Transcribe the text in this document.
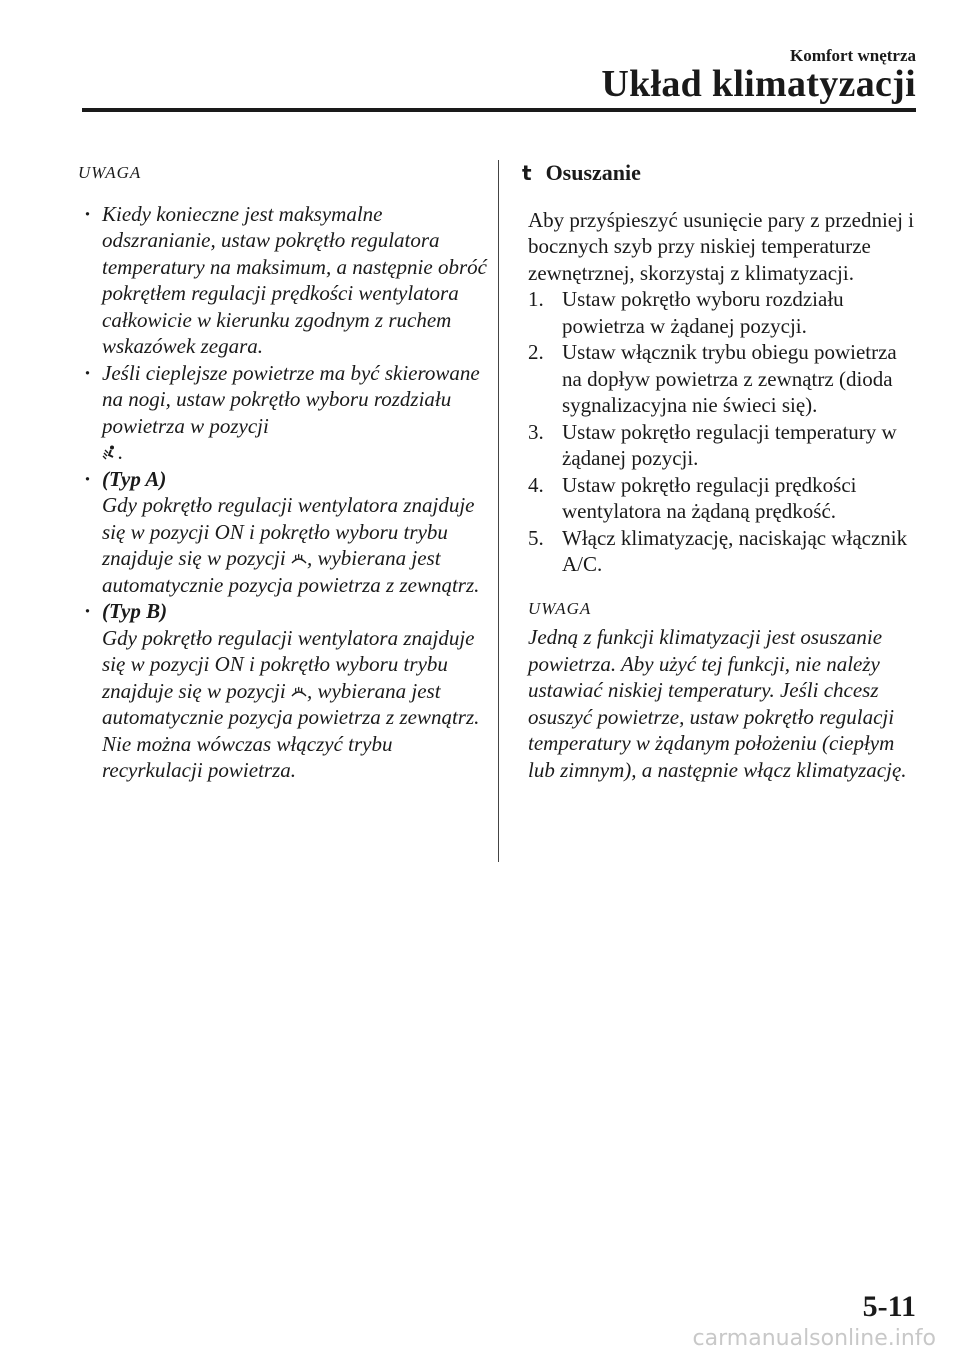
Komfort wnętrza
Układ klimatyzacji
UWAGA
· Kiedy konieczne jest maksymalne odszranianie, ustaw pokrętło regulatora temperatury na maksimum, a następnie obróć pokrętłem regulacji prędkości wentylatora całkowicie w kierunku zgodnym z ruchem wskazówek zegara.
· Jeśli cieplejsze powietrze ma być skierowane na nogi, ustaw pokrętło wyboru rozdziału powietrza w pozycji
.
· (Typ A)
Gdy pokrętło regulacji wentylatora znajduje się w pozycji ON i pokrętło wyboru trybu znajduje się w pozycji , wybierana jest automatycznie pozycja powietrza z zewnątrz.
· (Typ B)
Gdy pokrętło regulacji wentylatora znajduje się w pozycji ON i pokrętło wyboru trybu znajduje się w pozycji , wybierana jest automatycznie pozycja powietrza z zewnątrz. Nie można wówczas włączyć trybu recyrkulacji powietrza.
t Osuszanie

Aby przyśpieszyć usunięcie pary z przedniej i bocznych szyb przy niskiej temperaturze zewnętrznej, skorzystaj z klimatyzacji.

1. Ustaw pokrętło wyboru rozdziału powietrza w żądanej pozycji.
2. Ustaw włącznik trybu obiegu powietrza na dopływ powietrza z zewnątrz (dioda sygnalizacyjna nie świeci się).
3. Ustaw pokrętło regulacji temperatury w żądanej pozycji.
4. Ustaw pokrętło regulacji prędkości wentylatora na żądaną prędkość.
5. Włącz klimatyzację, naciskając włącznik A/C.
UWAGA
Jedną z funkcji klimatyzacji jest osuszanie powietrza. Aby użyć tej funkcji, nie należy ustawiać niskiej temperatury. Jeśli chcesz osuszyć powietrze, ustaw pokrętło regulacji temperatury w żądanym położeniu (ciepłym lub zimnym), a następnie włącz klimatyzację.
5-11
carmanualsonline.info
